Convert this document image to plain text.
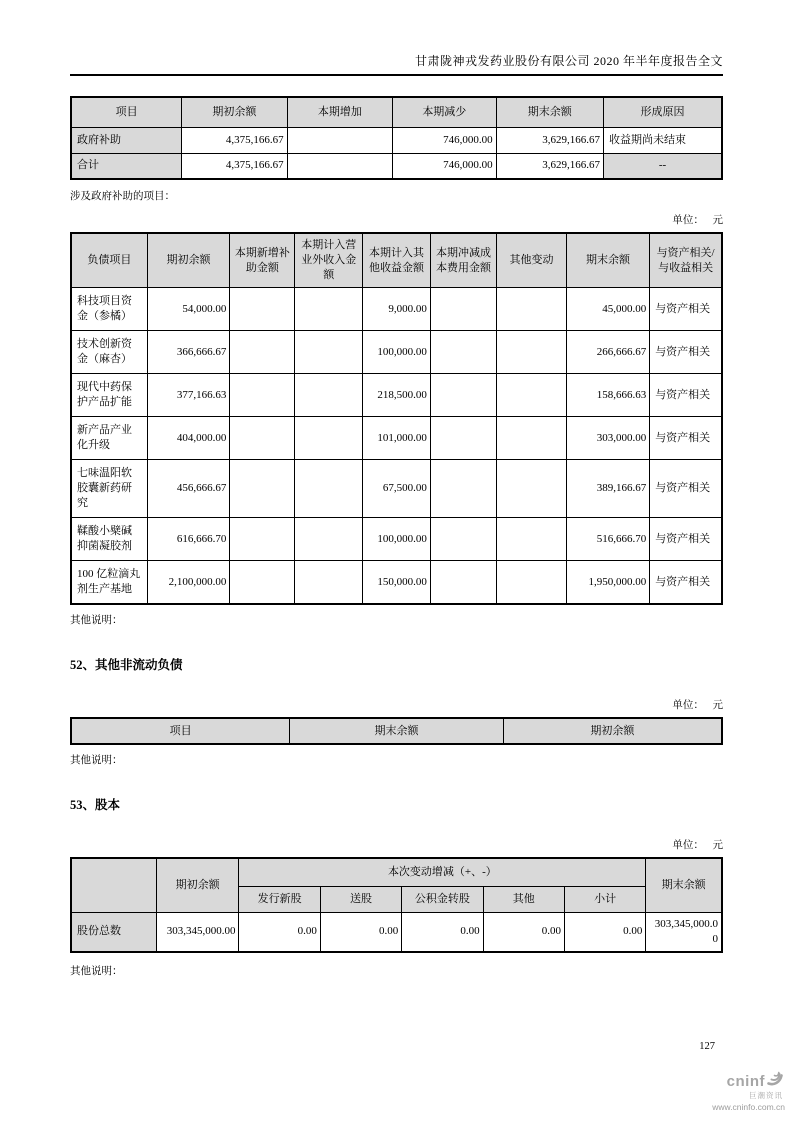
甘肃陇神戎发药业股份有限公司 2020 年半年度报告全文
项目	期初余额	本期增加	本期减少	期末余额	形成原因
政府补助	4,375,166.67		746,000.00	3,629,166.67	收益期尚未结束
合计	4,375,166.67		746,000.00	3,629,166.67	--
涉及政府补助的项目：
单位： 元
负债项目	期初余额	本期新增补助金额	本期计入营业外收入金额	本期计入其他收益金额	本期冲减成本费用金额	其他变动	期末余额	与资产相关/与收益相关
科技项目资金（参橘）	54,000.00			9,000.00			45,000.00	与资产相关
技术创新资金（麻杏）	366,666.67			100,000.00			266,666.67	与资产相关
现代中药保护产品扩能	377,166.63			218,500.00			158,666.63	与资产相关
新产品产业化升级	404,000.00			101,000.00			303,000.00	与资产相关
七味温阳软胶囊新药研究	456,666.67			67,500.00			389,166.67	与资产相关
鞣酸小檗碱抑菌凝胶剂	616,666.70			100,000.00			516,666.70	与资产相关
100 亿粒滴丸剂生产基地	2,100,000.00			150,000.00			1,950,000.00	与资产相关
其他说明：
52、其他非流动负债
单位： 元
项目	期末余额	期初余额
其他说明：
53、股本
单位： 元
	期初余额	本次变动增减（+、-）					期末余额
		发行新股	送股	公积金转股	其他	小计	
股份总数	303,345,000.00	0.00	0.00	0.00	0.00	0.00	303,345,000.00
其他说明：
127
cninf
巨潮资讯
www.cninfo.com.cn
